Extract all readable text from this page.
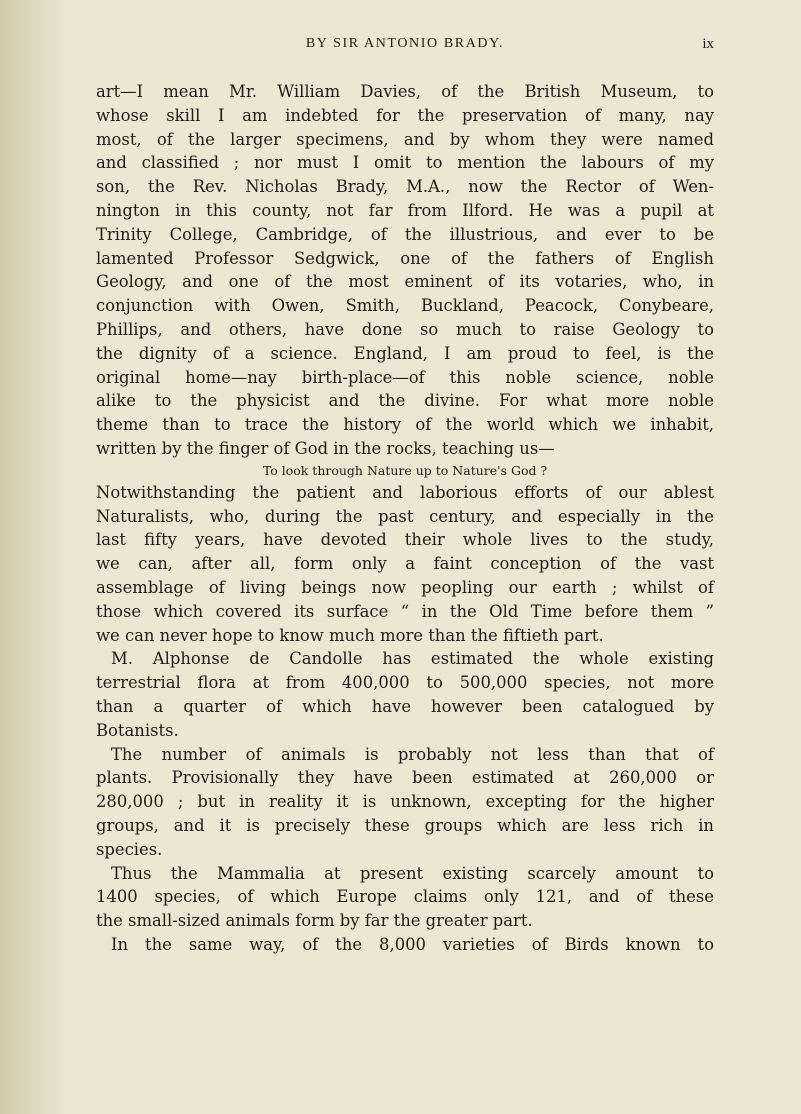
BY SIR ANTONIO BRADY.	ix
art—I mean Mr. William Davies, of the British Museum, to
whose skill I am indebted for the preservation of many, nay
most, of the larger specimens, and by whom they were named
and classified ; nor must I omit to mention the labours of my
son, the Rev. Nicholas Brady, M.A., now the Rector of Wen-
nington in this county, not far from Ilford. He was a pupil at
Trinity College, Cambridge, of the illustrious, and ever to be
lamented Professor Sedgwick, one of the fathers of English
Geology, and one of the most eminent of its votaries, who, in
conjunction with Owen, Smith, Buckland, Peacock, Conybeare,
Phillips, and others, have done so much to raise Geology to
the dignity of a science. England, I am proud to feel, is the
original home—nay birth-place—of this noble science, noble
alike to the physicist and the divine. For what more noble
theme than to trace the history of the world which we inhabit,
written by the finger of God in the rocks, teaching us—
To look through Nature up to Nature's God ?
Notwithstanding the patient and laborious efforts of our ablest
Naturalists, who, during the past century, and especially in the
last fifty years, have devoted their whole lives to the study,
we can, after all, form only a faint conception of the vast
assemblage of living beings now peopling our earth ; whilst of
those which covered its surface “ in the Old Time before them ”
we can never hope to know much more than the fiftieth part.
M. Alphonse de Candolle has estimated the whole existing
terrestrial flora at from 400,000 to 500,000 species, not more
than a quarter of which have however been catalogued by
Botanists.
The number of animals is probably not less than that of
plants. Provisionally they have been estimated at 260,000 or
280,000 ; but in reality it is unknown, excepting for the higher
groups, and it is precisely these groups which are less rich in
species.
Thus the Mammalia at present existing scarcely amount to
1400 species, of which Europe claims only 121, and of these
the small-sized animals form by far the greater part.
In the same way, of the 8,000 varieties of Birds known to
